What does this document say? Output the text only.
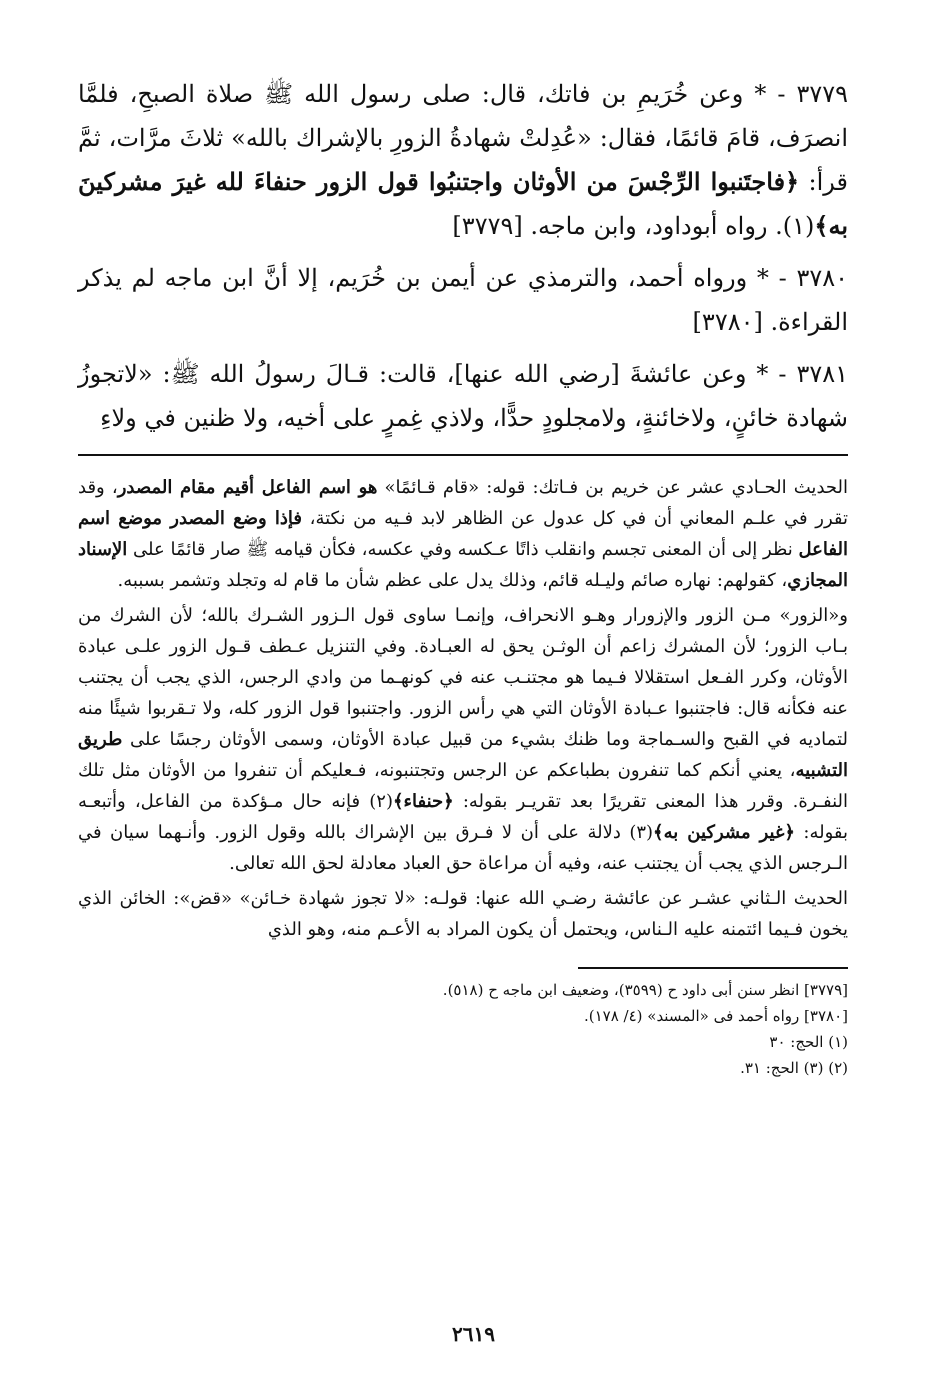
٣٧٧٩ - * وعن خُرَيمِ بن فاتك، قال: صلى رسول الله ﷺ صلاة الصبحِ، فلمَّا انصرَف، قامَ قائمًا، فقال: «عُدِلتْ شهادةُ الزورِ بالإشراك بالله» ثلاثَ مرَّات، ثمَّ قرأ: ﴿فاجتَنبوا الرِّجْسَ من الأوثان واجتنبُوا قول الزور حنفاءَ لله غيرَ مشركينَ به﴾(١). رواه أبوداود، وابن ماجه. [٣٧٧٩]

٣٧٨٠ - * ورواه أحمد، والترمذي عن أيمن بن خُرَيم، إلا أنَّ ابن ماجه لم يذكر القراءة. [٣٧٨٠]

٣٧٨١ - * وعن عائشةَ [رضي الله عنها]، قالت: قـالَ رسولُ الله ﷺ: «لاتجوزُ شهادة خائنٍ، ولاخائنةٍ، ولامجلودٍ حدًّا، ولاذي غِمرٍ على أخيه، ولا ظنين في ولاءِ

الحديث الحـادي عشر عن خريم بن فـاتك: قوله: «قام قـائمًا» هو اسم الفاعل أقيم مقام المصدر، وقد تقرر في علـم المعاني أن في كل عدول عن الظاهر لابد فـيه من نكتة، فإذا وضع المصدر موضع اسم الفاعل نظر إلى أن المعنى تجسم وانقلب ذاتًا عـكسه وفي عكسه، فكأن قيامه ﷺ صار قائمًا على الإسناد المجازي، كقولهم: نهاره صائم وليـله قائم، وذلك يدل على عظم شأن ما قام له وتجلد وتشمر بسببه.

و«الزور» مـن الزور والإزورار وهـو الانحراف، وإنمـا ساوى قول الـزور الشـرك بالله؛ لأن الشرك من بـاب الزور؛ لأن المشرك زاعم أن الوثـن يحق له العبـادة. وفي التنزيل عـطف قـول الزور علـى عبادة الأوثان، وكرر الفـعل استقلالا فـيما هو مجتنـب عنه في كونهـما من وادي الرجس، الذي يجب أن يجتنب عنه فكأنه قال: فاجتنبوا عـبادة الأوثان التي هي رأس الزور. واجتنبوا قول الزور كله، ولا تـقربوا شيئًا منه لتماديه في القبح والسـماجة وما ظنك بشيء من قبيل عبادة الأوثان، وسمى الأوثان رجسًا على طريق التشبيه، يعني أنكم كما تنفرون بطباعكم عن الرجس وتجتنبونه، فـعليكم أن تنفروا من الأوثان مثل تلك النفـرة. وقرر هذا المعنى تقريرًا بعد تقريـر بقوله: ﴿حنفاء﴾(٢) فإنه حال مـؤكدة من الفاعل، وأتبعـه بقوله: ﴿غير مشركين به﴾(٣) دلالة على أن لا فـرق بين الإشراك بالله وقول الزور. وأنـهما سيان في الـرجس الذي يجب أن يجتنب عنه، وفيه أن مراعاة حق العباد معادلة لحق الله تعالى.

الحديث الـثاني عشـر عن عائشة رضـي الله عنها: قولـه: «لا تجوز شهادة خـائن» «قض»: الخائن الذي يخون فـيما ائتمنه عليه الـناس، ويحتمل أن يكون المراد به الأعـم منه، وهو الذي

[٣٧٧٩] انظر سنن أبى داود ح (٣٥٩٩)، وضعيف ابن ماجه ح (٥١٨).

[٣٧٨٠] رواه أحمد فى «المسند» (٤/ ١٧٨).

(١) الحج: ٣٠

(٢) (٣) الحج: ٣١.

٢٦١٩
